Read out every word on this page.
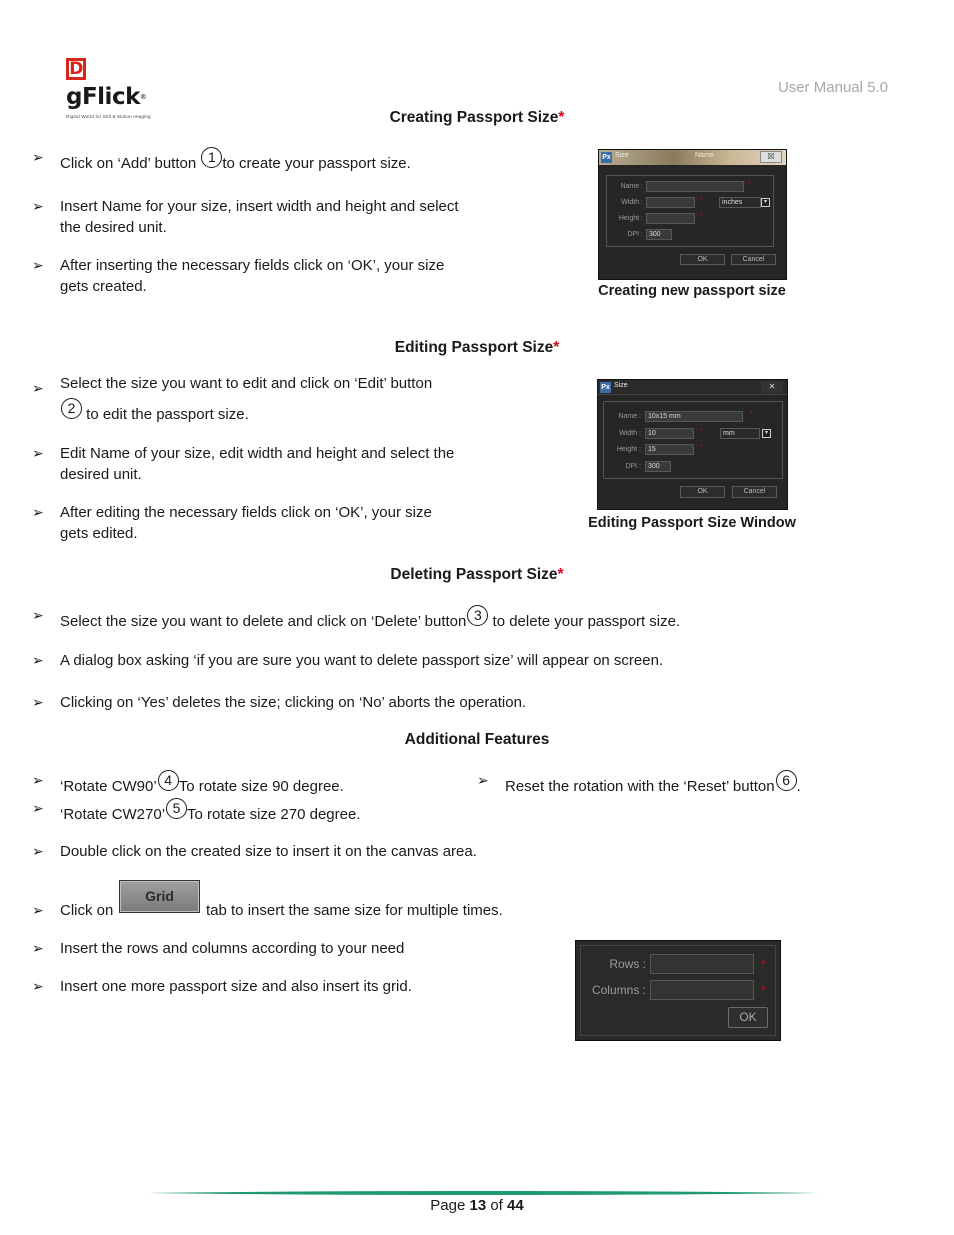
DgFlick®
Digital World for Still & Motion Imaging
User Manual 5.0
Creating Passport Size*
➢ Click on ‘Add’ button 1 to create your passport size.
➢ Insert Name for your size, insert width and height and select the desired unit.
➢ After inserting the necessary fields click on ‘OK’, your size gets created.
Px Size	Name	☒
Name :	*
Width :	*	inches	▾
Height :	*
DPI : 300
OK	Cancel
Creating new passport size
Editing Passport Size*
➢ Select the size you want to edit and click on ‘Edit’ button2 to edit the passport size.
➢ Edit Name of your size, edit width and height and select the desired unit.
➢ After editing the necessary fields click on ‘OK’, your size gets edited.
Px Size	✕
Name :	10x15 mm	*
Width :	10	*	mm	▾
Height :	15	*
DPI :	300
OK	Cancel
Editing Passport Size Window
Deleting Passport Size*
➢ Select the size you want to delete and click on ‘Delete’ button 3 to delete your passport size.
➢ A dialog box asking ‘if you are sure you want to delete passport size’ will appear on screen.
➢ Clicking on ‘Yes’ deletes the size; clicking on ‘No’ aborts the operation.
Additional Features
➢ ‘Rotate CW90’ 4 To rotate size 90 degree.	➢ Reset the rotation with the ‘Reset’ button 6 .
➢ ‘Rotate CW270’ 5 To rotate size 270 degree.
➢ Double click on the created size to insert it on the canvas area.
➢ Click on
Grid
tab to insert the same size for multiple times.
➢ Insert the rows and columns according to your need
➢ Insert one more passport size and also insert its grid.
Rows :	*
Columns :	*
OK
Page 13 of 44
